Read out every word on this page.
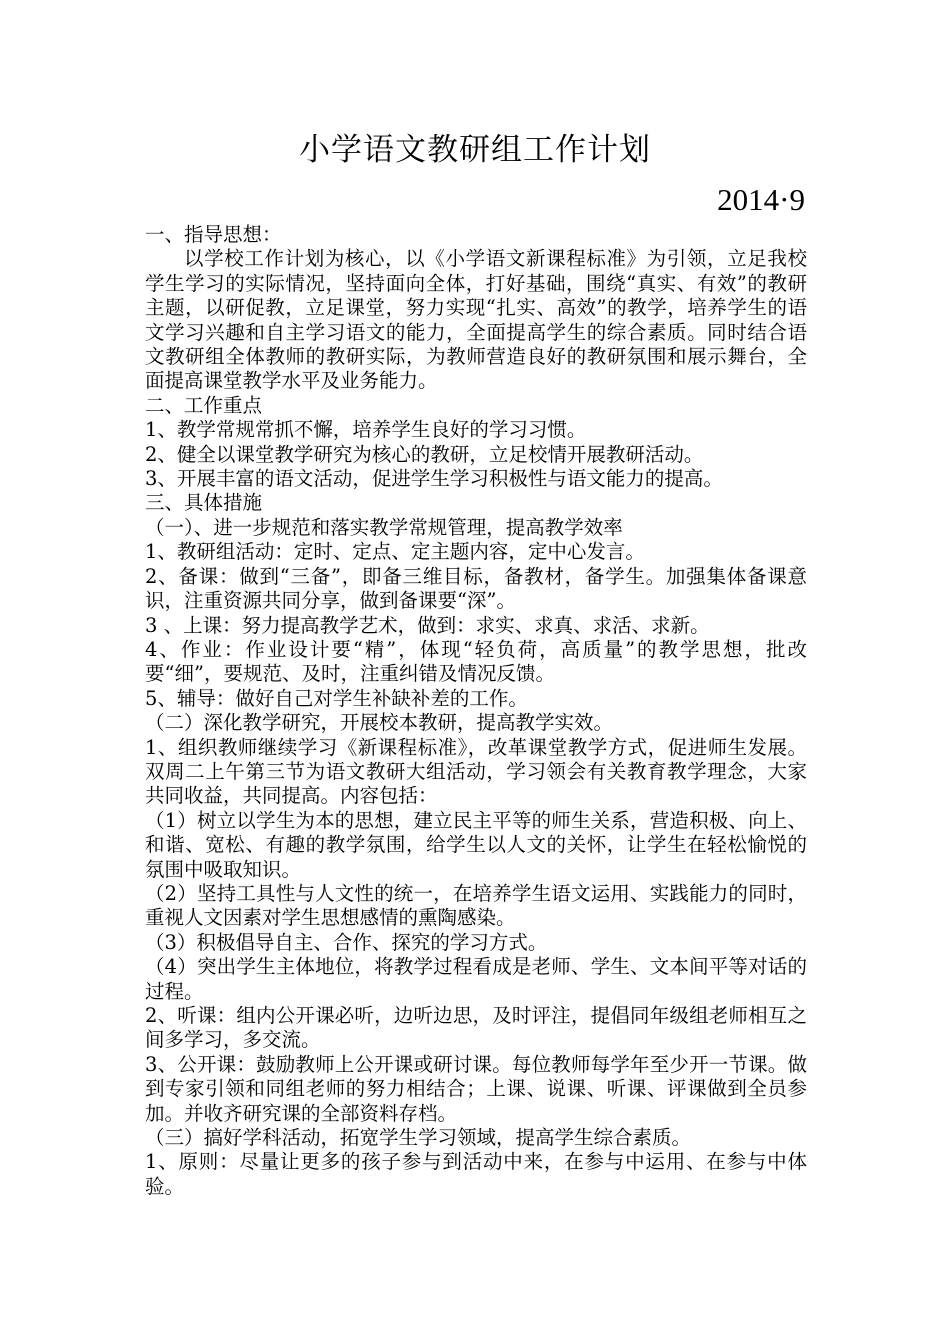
小学语文教研组工作计划
2014·9

一、指导思想：

以学校工作计划为核心，以《小学语文新课程标准》为引领，立足我校学生学习的实际情况，坚持面向全体，打好基础，围绕“真实、有效”的教研主题，以研促教，立足课堂，努力实现“扎实、高效”的教学，培养学生的语文学习兴趣和自主学习语文的能力，全面提高学生的综合素质。同时结合语文教研组全体教师的教研实际，为教师营造良好的教研氛围和展示舞台，全面提高课堂教学水平及业务能力。

二、工作重点

1、教学常规常抓不懈，培养学生良好的学习习惯。

2、健全以课堂教学研究为核心的教研，立足校情开展教研活动。

3、开展丰富的语文活动，促进学生学习积极性与语文能力的提高。

三、具体措施

（一）、进一步规范和落实教学常规管理，提高教学效率

1、教研组活动：定时、定点、定主题内容，定中心发言。

2、备课：做到“三备”，即备三维目标，备教材，备学生。加强集体备课意识，注重资源共同分享，做到备课要“深”。

3 、上课：努力提高教学艺术，做到：求实、求真、求活、求新。

4、作业：作业设计要“精”，体现“轻负荷，高质量”的教学思想，批改要“细”，要规范、及时，注重纠错及情况反馈。

5、辅导：做好自己对学生补缺补差的工作。

（二）深化教学研究，开展校本教研，提高教学实效。

1、组织教师继续学习《新课程标准》，改革课堂教学方式，促进师生发展。双周二上午第三节为语文教研大组活动，学习领会有关教育教学理念，大家共同收益，共同提高。内容包括：

（1）树立以学生为本的思想，建立民主平等的师生关系，营造积极、向上、和谐、宽松、有趣的教学氛围，给学生以人文的关怀，让学生在轻松愉悦的氛围中吸取知识。

（2）坚持工具性与人文性的统一，在培养学生语文运用、实践能力的同时，重视人文因素对学生思想感情的熏陶感染。

（3）积极倡导自主、合作、探究的学习方式。

（4）突出学生主体地位，将教学过程看成是老师、学生、文本间平等对话的过程。

2、听课：组内公开课必听，边听边思，及时评注，提倡同年级组老师相互之间多学习，多交流。

3、公开课：鼓励教师上公开课或研讨课。每位教师每学年至少开一节课。做到专家引领和同组老师的努力相结合；上课、说课、听课、评课做到全员参加。并收齐研究课的全部资料存档。

（三）搞好学科活动，拓宽学生学习领域，提高学生综合素质。

1、原则：尽量让更多的孩子参与到活动中来，在参与中运用、在参与中体验。
